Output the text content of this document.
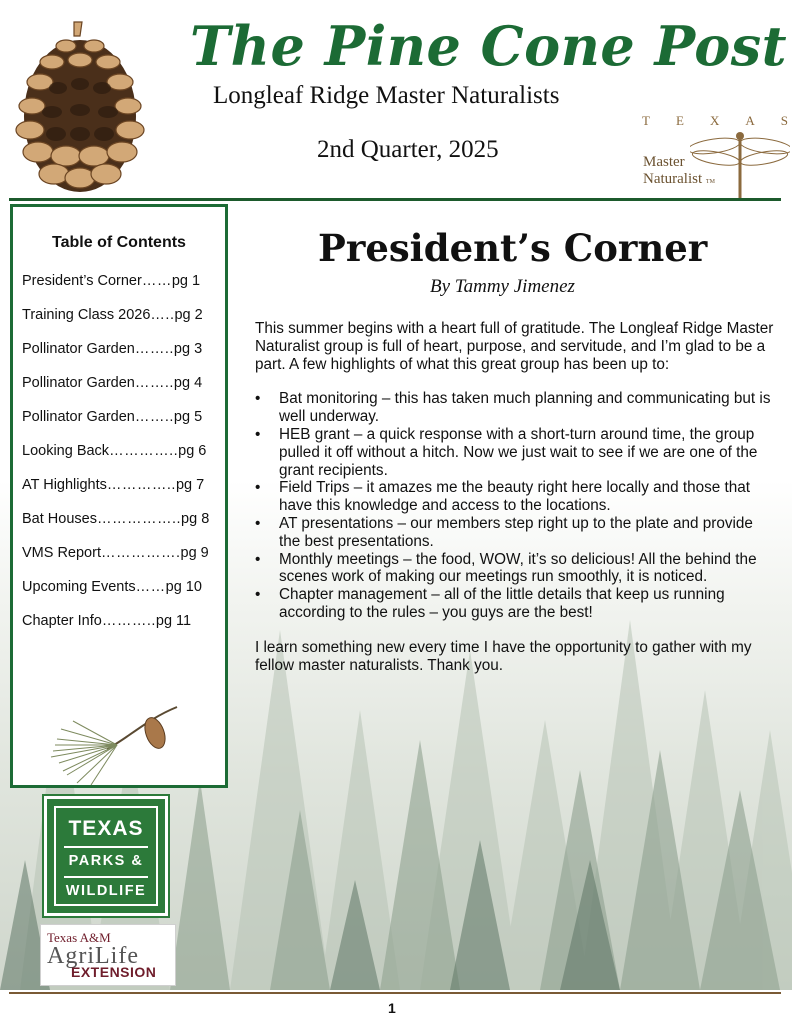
The Pine Cone Post
Longleaf Ridge Master Naturalists
2nd Quarter, 2025
T E X A S
Master
Naturalist TM
Table of Contents
President’s Corner …… pg 1
Training Class 2026 ….. pg 2
Pollinator Garden …….. pg 3
Pollinator Garden …….. pg 4
Pollinator Garden …….. pg 5
Looking Back ………….. pg 6
AT Highlights ………….. pg 7
Bat Houses …………….. pg 8
VMS Report ……………. pg 9
Upcoming Events …… pg 10
Chapter Info ……….. pg 11
TEXAS
PARKS &
WILDLIFE
Texas A&M
AgriLife
EXTENSION
President’s Corner
By Tammy Jimenez

This summer begins with a heart full of gratitude. The Longleaf Ridge Master Naturalist group is full of heart, purpose, and servitude, and I’m glad to be a part. A few highlights of what this great group has been up to:

• Bat monitoring – this has taken much planning and communicating but is well underway.
• HEB grant – a quick response with a short-turn around time, the group pulled it off without a hitch. Now we just wait to see if we are one of the grant recipients.
• Field Trips – it amazes me the beauty right here locally and those that have this knowledge and access to the locations.
• AT presentations – our members step right up to the plate and provide the best presentations.
• Monthly meetings – the food, WOW, it’s so delicious! All the behind the scenes work of making our meetings run smoothly, it is noticed.
• Chapter management – all of the little details that keep us running according to the rules – you guys are the best!

I learn something new every time I have the opportunity to gather with my fellow master naturalists. Thank you.

1
